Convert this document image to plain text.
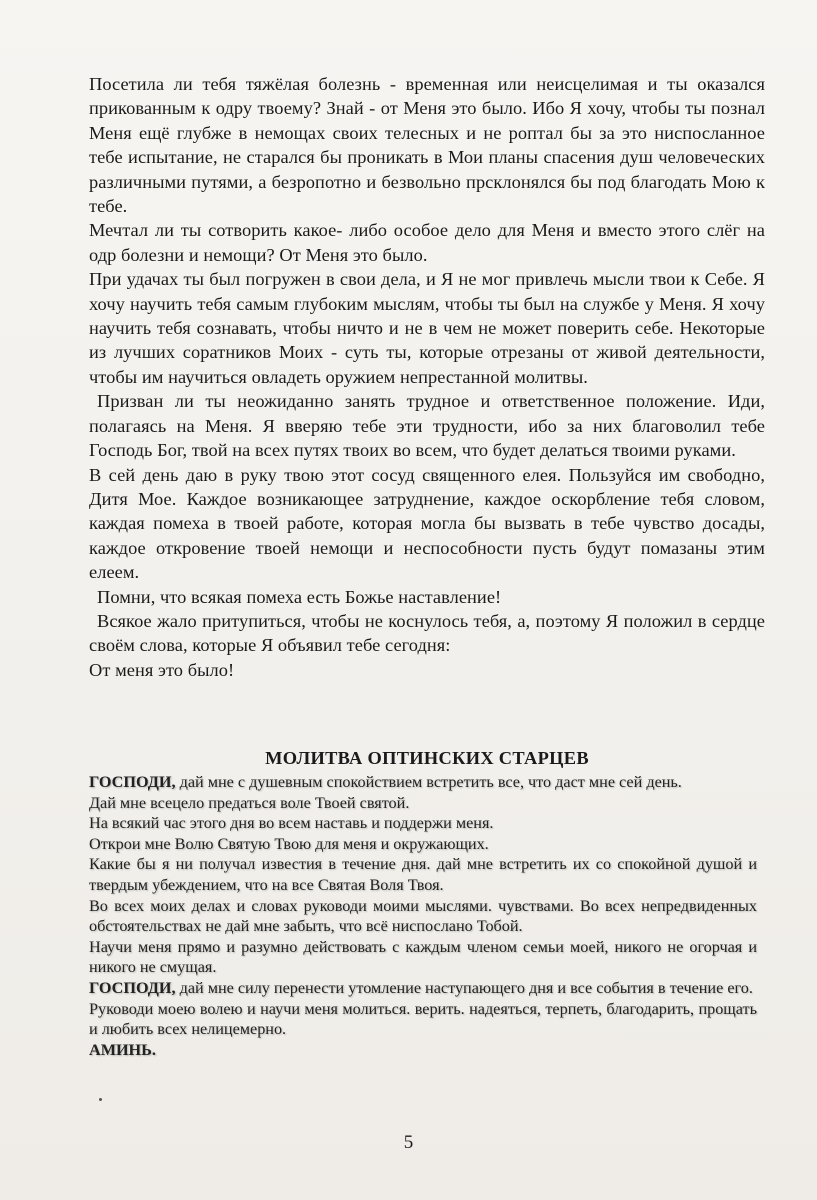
Посетила ли тебя тяжёлая болезнь - временная или неисцелимая и ты оказался прикованным к одру твоему? Знай - от Меня это было. Ибо Я хочу, чтобы ты познал Меня ещё глубже в немощах своих телесных и не роптал бы за это ниспосланное тебе испытание, не старался бы проникать в Мои планы спасения душ человеческих различными путями, а безропотно и безвольно прсклонялся бы под благодать Мою к тебе.

Мечтал ли ты сотворить какое- либо особое дело для Меня и вместо этого слёг на одр болезни и немощи? От Меня это было.

При удачах ты был погружен в свои дела, и Я не мог привлечь мысли твои к Себе. Я хочу научить тебя самым глубоким мыслям, чтобы ты был на службе у Меня. Я хочу научить тебя сознавать, чтобы ничто и не в чем не может поверить себе. Некоторые из лучших соратников Моих - суть ты, которые отрезаны от живой деятельности, чтобы им научиться овладеть оружием непрестанной молитвы.

Призван ли ты неожиданно занять трудное и ответственное положение. Иди, полагаясь на Меня. Я вверяю тебе эти трудности, ибо за них благоволил тебе Господь Бог, твой на всех путях твоих во всем, что будет делаться твоими руками.

В сей день даю в руку твою этот сосуд священного елея. Пользуйся им свободно, Дитя Мое. Каждое возникающее затруднение, каждое оскорбление тебя словом, каждая помеха в твоей работе, которая могла бы вызвать в тебе чувство досады, каждое откровение твоей немощи и неспособности пусть будут помазаны этим елеем.

Помни, что всякая помеха есть Божье наставление!

Всякое жало притупиться, чтобы не коснулось тебя, а, поэтому Я положил в сердце своём слова, которые Я объявил тебе сегодня:

От меня это было!

МОЛИТВА ОПТИНСКИХ СТАРЦЕВ

ГОСПОДИ, дай мне с душевным спокойствием встретить все, что даст мне сей день.

Дай мне всецело предаться воле Твоей святой.

На всякий час этого дня во всем наставь и поддержи меня.

Открои мне Волю Святую Твою для меня и окружающих.

Какие бы я ни получал известия в течение дня. дай мне встретить их со спокойной душой и твердым убеждением, что на все Святая Воля Твоя.

Во всех моих делах и словах руководи моими мыслями. чувствами. Во всех непредвиденных обстоятельствах не дай мне забыть, что всё ниспослано Тобой.

Научи меня прямо и разумно действовать с каждым членом семьи моей, никого не огорчая и никого не смущая.

ГОСПОДИ, дай мне силу перенести утомление наступающего дня и все события в течение его.

Руководи моею волею и научи меня молиться. верить. надеяться, терпеть, благодарить, прощать и любить всех нелицемерно.

АМИНЬ.

5
